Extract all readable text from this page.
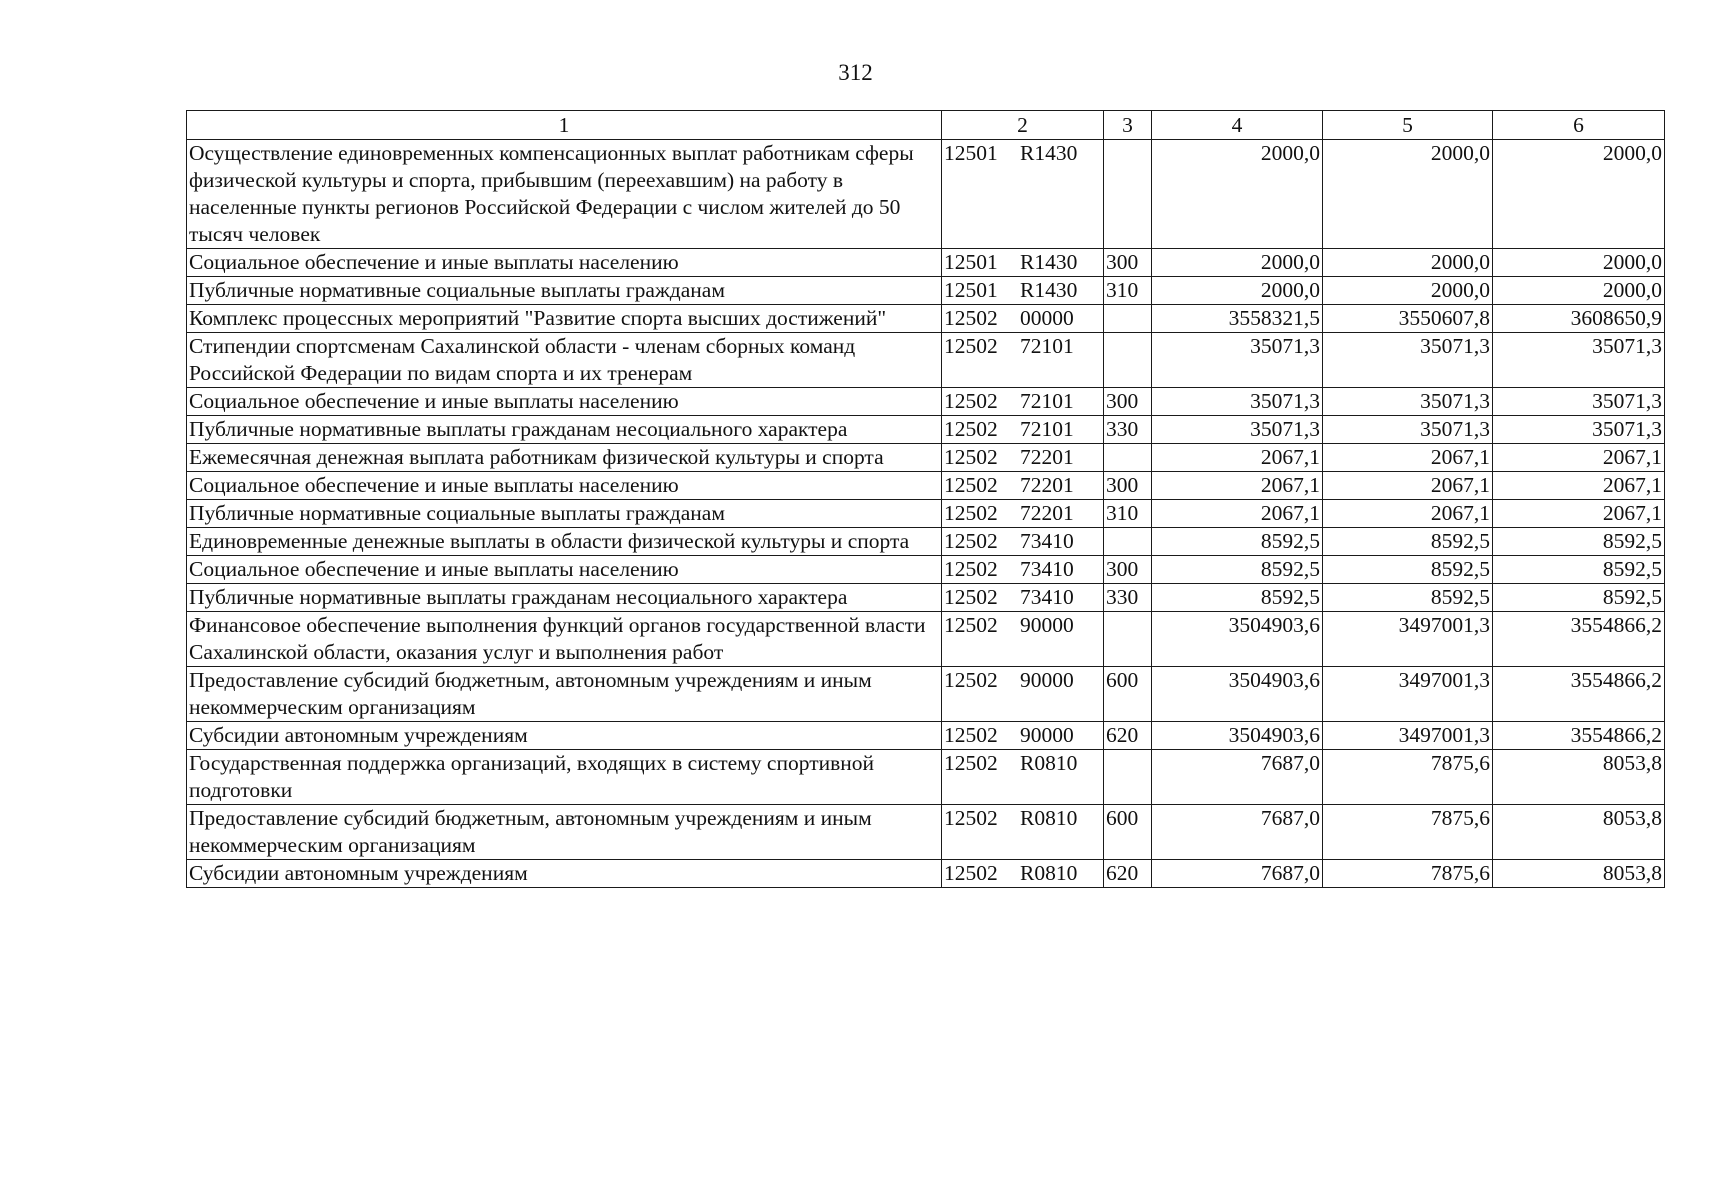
312
1	2	3	4	5	6
Осуществление единовременных компенсационных выплат работникам сферы физической культуры и спорта, прибывшим (переехавшим) на работу в населенные пункты регионов Российской Федерации с числом жителей до 50 тысяч человек	12501 R1430		2000,0	2000,0	2000,0
Социальное обеспечение и иные выплаты населению	12501 R1430	300	2000,0	2000,0	2000,0
Публичные нормативные социальные выплаты гражданам	12501 R1430	310	2000,0	2000,0	2000,0
Комплекс процессных мероприятий "Развитие спорта высших достижений"	12502 00000		3558321,5	3550607,8	3608650,9
Стипендии спортсменам Сахалинской области - членам сборных команд Российской Федерации по видам спорта и их тренерам	12502 72101		35071,3	35071,3	35071,3
Социальное обеспечение и иные выплаты населению	12502 72101	300	35071,3	35071,3	35071,3
Публичные нормативные выплаты гражданам несоциального характера	12502 72101	330	35071,3	35071,3	35071,3
Ежемесячная денежная выплата работникам физической культуры и спорта	12502 72201		2067,1	2067,1	2067,1
Социальное обеспечение и иные выплаты населению	12502 72201	300	2067,1	2067,1	2067,1
Публичные нормативные социальные выплаты гражданам	12502 72201	310	2067,1	2067,1	2067,1
Единовременные денежные выплаты в области физической культуры и спорта	12502 73410		8592,5	8592,5	8592,5
Социальное обеспечение и иные выплаты населению	12502 73410	300	8592,5	8592,5	8592,5
Публичные нормативные выплаты гражданам несоциального характера	12502 73410	330	8592,5	8592,5	8592,5
Финансовое обеспечение выполнения функций органов государственной власти Сахалинской области, оказания услуг и выполнения работ	12502 90000		3504903,6	3497001,3	3554866,2
Предоставление субсидий бюджетным, автономным учреждениям и иным некоммерческим организациям	12502 90000	600	3504903,6	3497001,3	3554866,2
Субсидии автономным учреждениям	12502 90000	620	3504903,6	3497001,3	3554866,2
Государственная поддержка организаций, входящих в систему спортивной подготовки	12502 R0810		7687,0	7875,6	8053,8
Предоставление субсидий бюджетным, автономным учреждениям и иным некоммерческим организациям	12502 R0810	600	7687,0	7875,6	8053,8
Субсидии автономным учреждениям	12502 R0810	620	7687,0	7875,6	8053,8
